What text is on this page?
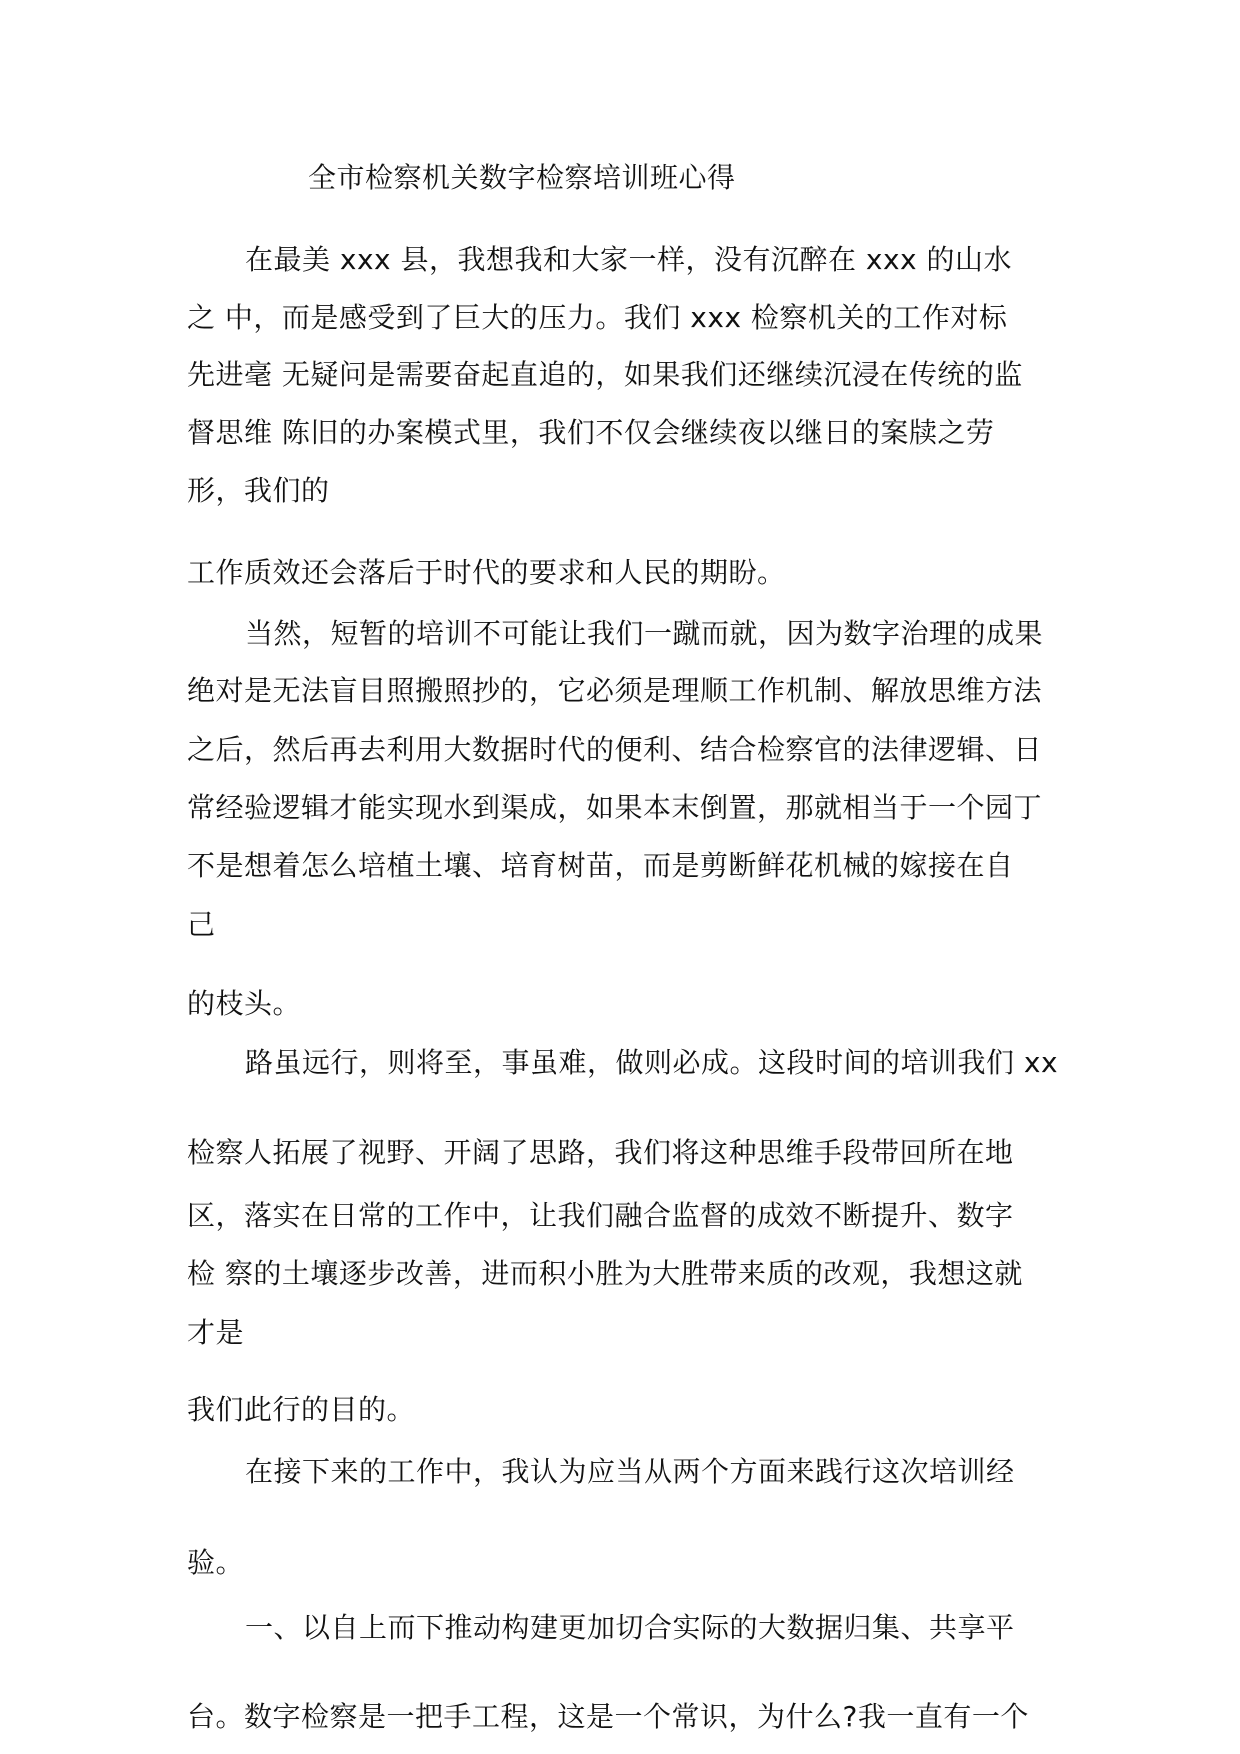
全市检察机关数字检察培训班心得
在最美 xxx 县，我想我和大家一样，没有沉醉在 xxx 的山水
之 中，而是感受到了巨大的压力。我们 xxx 检察机关的工作对标
先进毫 无疑问是需要奋起直追的，如果我们还继续沉浸在传统的监
督思维 陈旧的办案模式里，我们不仅会继续夜以继日的案牍之劳
形，我们的
工作质效还会落后于时代的要求和人民的期盼。
当然，短暂的培训不可能让我们一蹴而就，因为数字治理的成果
绝对是无法盲目照搬照抄的，它必须是理顺工作机制、解放思维方法
之后，然后再去利用大数据时代的便利、结合检察官的法律逻辑、日
常经验逻辑才能实现水到渠成，如果本末倒置，那就相当于一个园丁
不是想着怎么培植土壤、培育树苗，而是剪断鲜花机械的嫁接在自
己
的枝头。
路虽远行，则将至，事虽难，做则必成。这段时间的培训我们 xx
检察人拓展了视野、开阔了思路，我们将这种思维手段带回所在地
区，落实在日常的工作中，让我们融合监督的成效不断提升、数字
检 察的土壤逐步改善，进而积小胜为大胜带来质的改观，我想这就
才是
我们此行的目的。
在接下来的工作中，我认为应当从两个方面来践行这次培训经
验。
一、以自上而下推动构建更加切合实际的大数据归集、共享平
台。数字检察是一把手工程，这是一个常识，为什么?我一直有一个
